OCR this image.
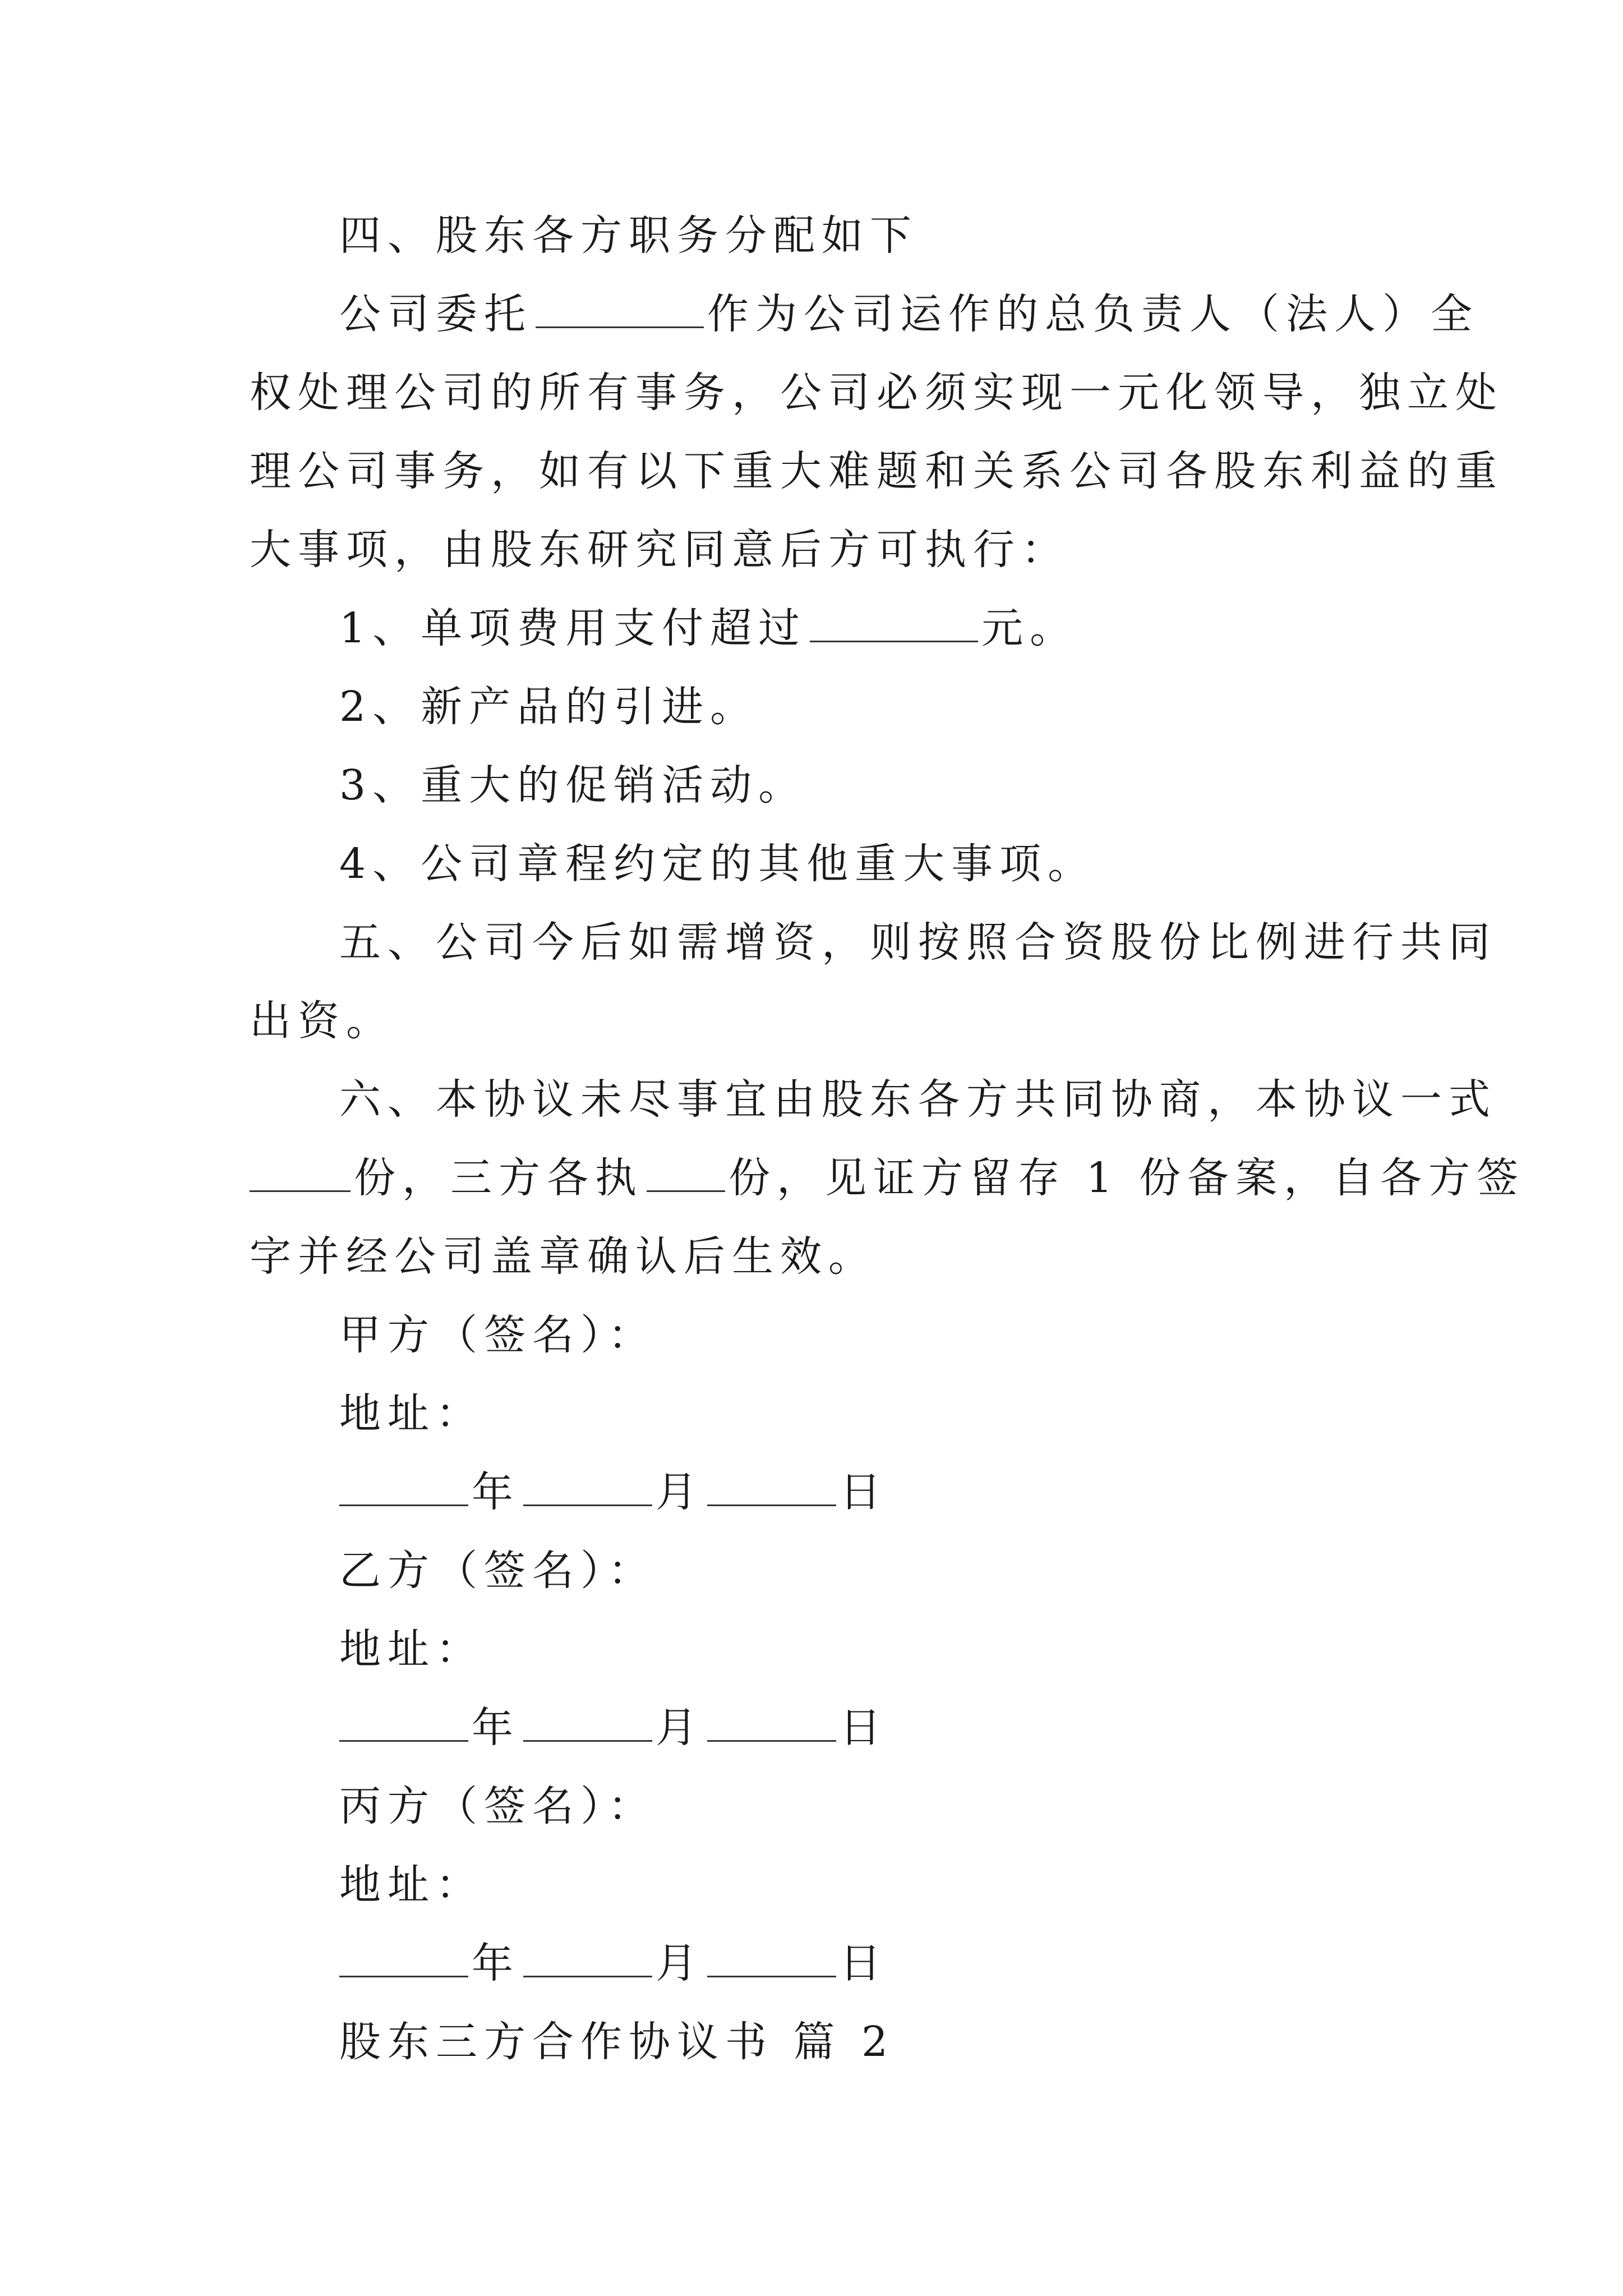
四、股东各方职务分配如下
公司委托	作为公司运作的总负责人（法人）全
权处理公司的所有事务，公司必须实现一元化领导，独立处
理公司事务，如有以下重大难题和关系公司各股东利益的重
大事项，由股东研究同意后方可执行：
1、单项费用支付超过	元。
2、新产品的引进。
3、重大的促销活动。
4、公司章程约定的其他重大事项。
五、公司今后如需增资，则按照合资股份比例进行共同
出资。
六、本协议未尽事宜由股东各方共同协商，本协议一式
份，三方各执 份，见证方留存 1 份备案，自各方签
字并经公司盖章确认后生效。
甲方（签名）：
地址：
年	月	日
乙方（签名）：
地址：
年	月	日
丙方（签名）：
地址：
年	月	日
股东三方合作协议书 篇 2
